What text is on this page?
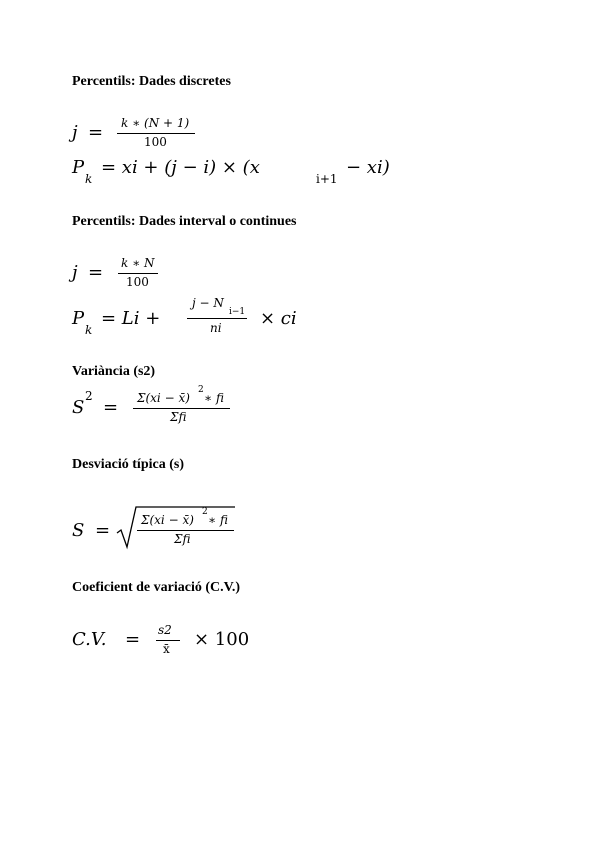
Percentils: Dades discretes
j = k ∗ (N + 1)
100
P
k
= xi + (j − i) × (x
i+1
− xi)
Percentils: Dades interval o continues
j = k ∗ N
100
P
k
= Li +
j − N
i−1
ni × ci
Variància (s2)
S
2
= Σ(xi − x̄)
2
∗ fi
Σfi
Desviació típica (s)
S =	Σ(xi − x̄)
2
∗ fi
Σfi
Coeficient de variació (C.V.)
C.V. = s2
x̄ × 100
